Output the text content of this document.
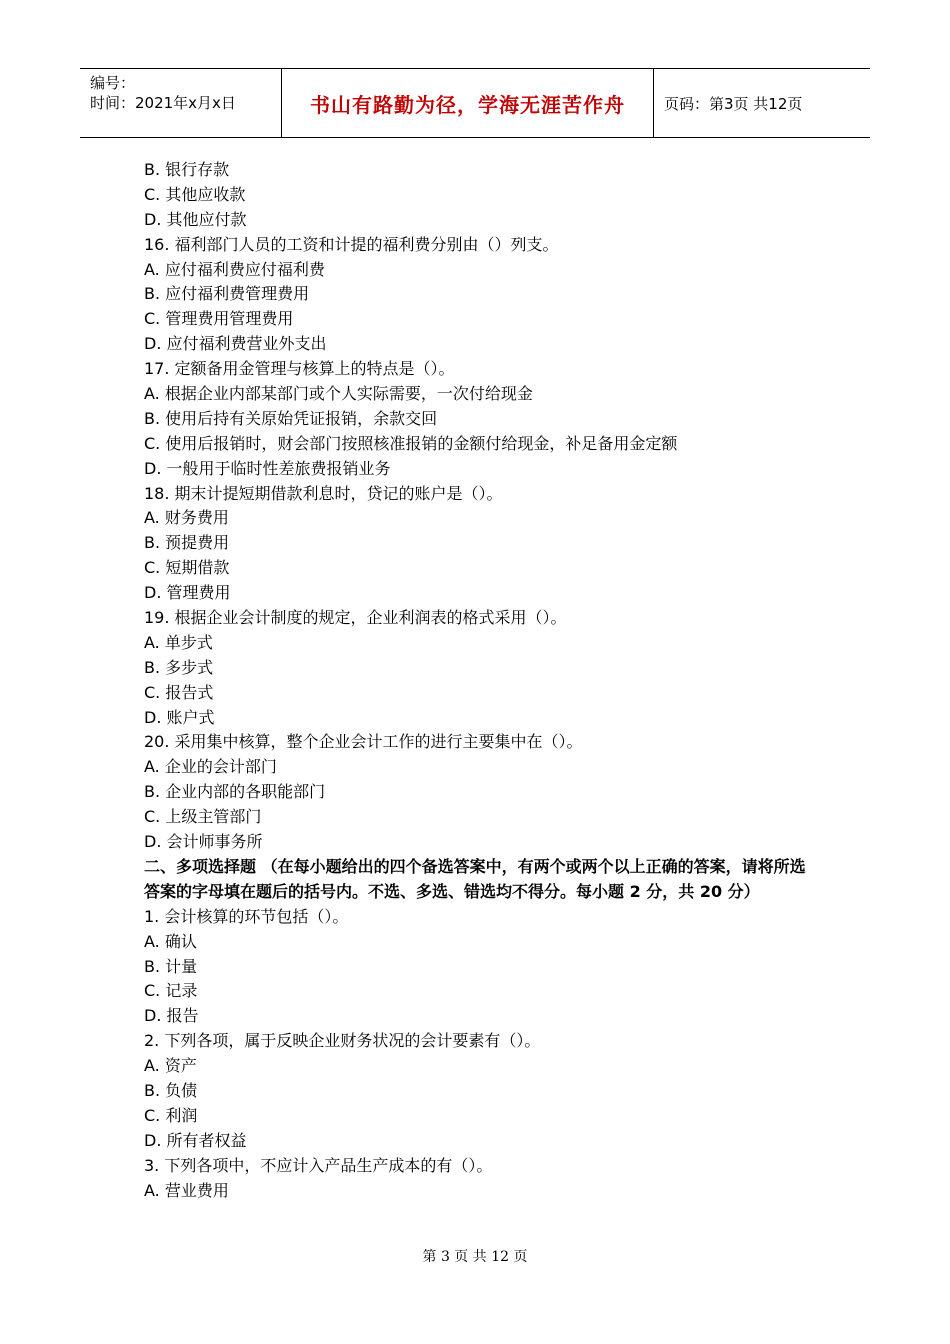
编号：
时间：2021年x月x日	书山有路勤为径，学海无涯苦作舟	页码：第3页 共12页
B. 银行存款
C. 其他应收款
D. 其他应付款
16. 福利部门人员的工资和计提的福利费分别由（）列支。
A. 应付福利费应付福利费
B. 应付福利费管理费用
C. 管理费用管理费用
D. 应付福利费营业外支出
17. 定额备用金管理与核算上的特点是（）。
A. 根据企业内部某部门或个人实际需要，一次付给现金
B. 使用后持有关原始凭证报销，余款交回
C. 使用后报销时，财会部门按照核准报销的金额付给现金，补足备用金定额
D. 一般用于临时性差旅费报销业务
18. 期末计提短期借款利息时，贷记的账户是（）。
A. 财务费用
B. 预提费用
C. 短期借款
D. 管理费用
19. 根据企业会计制度的规定，企业利润表的格式采用（）。
A. 单步式
B. 多步式
C. 报告式
D. 账户式
20. 采用集中核算，整个企业会计工作的进行主要集中在（）。
A. 企业的会计部门
B. 企业内部的各职能部门
C. 上级主管部门
D. 会计师事务所
二、多项选择题 （在每小题给出的四个备选答案中，有两个或两个以上正确的答案，请将所选答案的字母填在题后的括号内。不选、多选、错选均不得分。每小题 2 分，共 20 分）
1. 会计核算的环节包括（）。
A. 确认
B. 计量
C. 记录
D. 报告
2. 下列各项，属于反映企业财务状况的会计要素有（）。
A. 资产
B. 负债
C. 利润
D. 所有者权益
3. 下列各项中，不应计入产品生产成本的有（）。
A. 营业费用
第 3 页 共 12 页
